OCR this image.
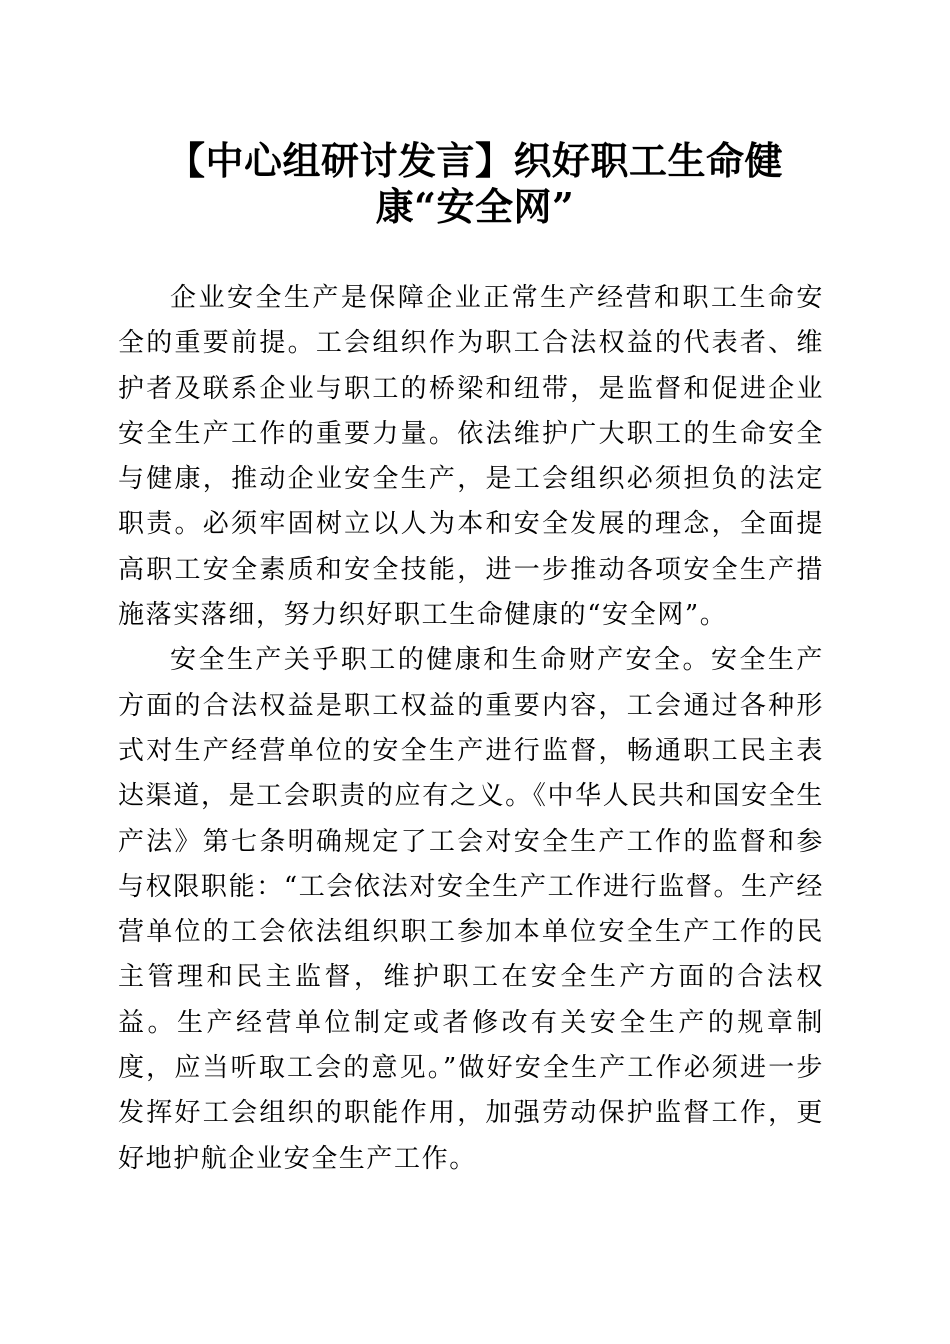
【中心组研讨发言】织好职工生命健康“安全网”

企业安全生产是保障企业正常生产经营和职工生命安全的重要前提。工会组织作为职工合法权益的代表者、维护者及联系企业与职工的桥梁和纽带，是监督和促进企业安全生产工作的重要力量。依法维护广大职工的生命安全与健康，推动企业安全生产，是工会组织必须担负的法定职责。必须牢固树立以人为本和安全发展的理念，全面提高职工安全素质和安全技能，进一步推动各项安全生产措施落实落细，努力织好职工生命健康的“安全网”。

安全生产关乎职工的健康和生命财产安全。安全生产方面的合法权益是职工权益的重要内容，工会通过各种形式对生产经营单位的安全生产进行监督，畅通职工民主表达渠道，是工会职责的应有之义。《中华人民共和国安全生产法》第七条明确规定了工会对安全生产工作的监督和参与权限职能：“工会依法对安全生产工作进行监督。生产经营单位的工会依法组织职工参加本单位安全生产工作的民主管理和民主监督，维护职工在安全生产方面的合法权益。生产经营单位制定或者修改有关安全生产的规章制度，应当听取工会的意见。”做好安全生产工作必须进一步发挥好工会组织的职能作用，加强劳动保护监督工作，更好地护航企业安全生产工作。
